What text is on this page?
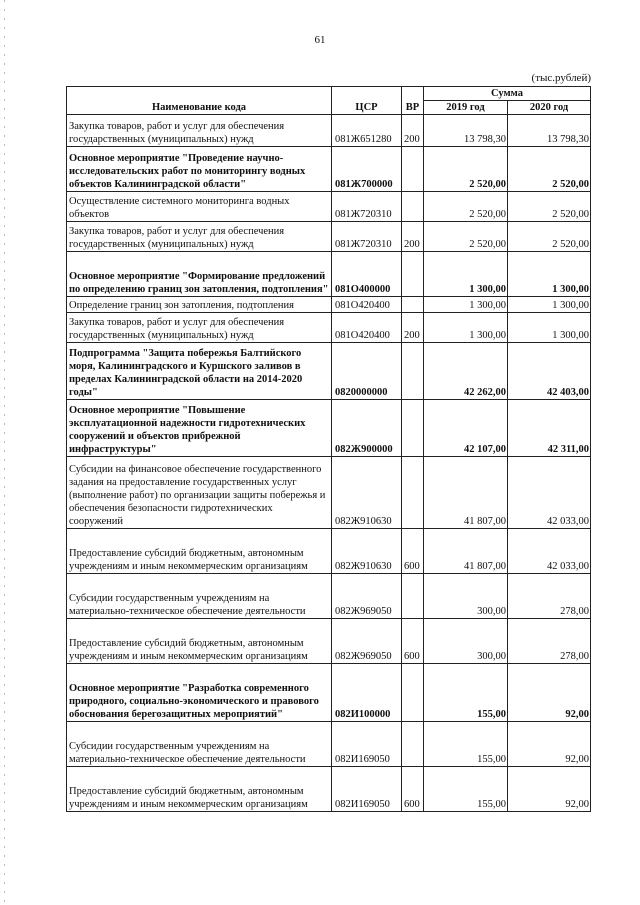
61
(тыс.рублей)
Наименование кода	ЦСР	ВР	Сумма	
			2019 год	2020 год
Закупка товаров, работ и услуг для обеспечения государственных (муниципальных) нужд	081Ж651280	200	13 798,30	13 798,30
Основное мероприятие "Проведение научно-исследовательских работ по мониторингу водных объектов Калининградской области"	081Ж700000		2 520,00	2 520,00
Осуществление системного мониторинга водных объектов	081Ж720310		2 520,00	2 520,00
Закупка товаров, работ и услуг для обеспечения государственных (муниципальных) нужд	081Ж720310	200	2 520,00	2 520,00
Основное мероприятие "Формирование предложений по определению границ зон затопления, подтопления"	081О400000		1 300,00	1 300,00
Определение границ зон затопления, подтопления	081О420400		1 300,00	1 300,00
Закупка товаров, работ и услуг для обеспечения государственных (муниципальных) нужд	081О420400	200	1 300,00	1 300,00
Подпрограмма "Защита побережья Балтийского моря, Калининградского и Куршского заливов в пределах Калининградской области на 2014-2020 годы"	0820000000		42 262,00	42 403,00
Основное мероприятие "Повышение эксплуатационной надежности гидротехнических сооружений и объектов прибрежной инфраструктуры"	082Ж900000		42 107,00	42 311,00
Субсидии на финансовое обеспечение государственного задания на предоставление государственных услуг (выполнение работ) по организации защиты побережья и обеспечения безопасности гидротехнических сооружений	082Ж910630		41 807,00	42 033,00
Предоставление субсидий бюджетным, автономным учреждениям и иным некоммерческим организациям	082Ж910630	600	41 807,00	42 033,00
Субсидии государственным учреждениям на материально-техническое обеспечение деятельности	082Ж969050		300,00	278,00
Предоставление субсидий бюджетным, автономным учреждениям и иным некоммерческим организациям	082Ж969050	600	300,00	278,00
Основное мероприятие "Разработка современного природного, социально-экономического и правового обоснования берегозащитных мероприятий"	082И100000		155,00	92,00
Субсидии государственным учреждениям на материально-техническое обеспечение деятельности	082И169050		155,00	92,00
Предоставление субсидий бюджетным, автономным учреждениям и иным некоммерческим организациям	082И169050	600	155,00	92,00
